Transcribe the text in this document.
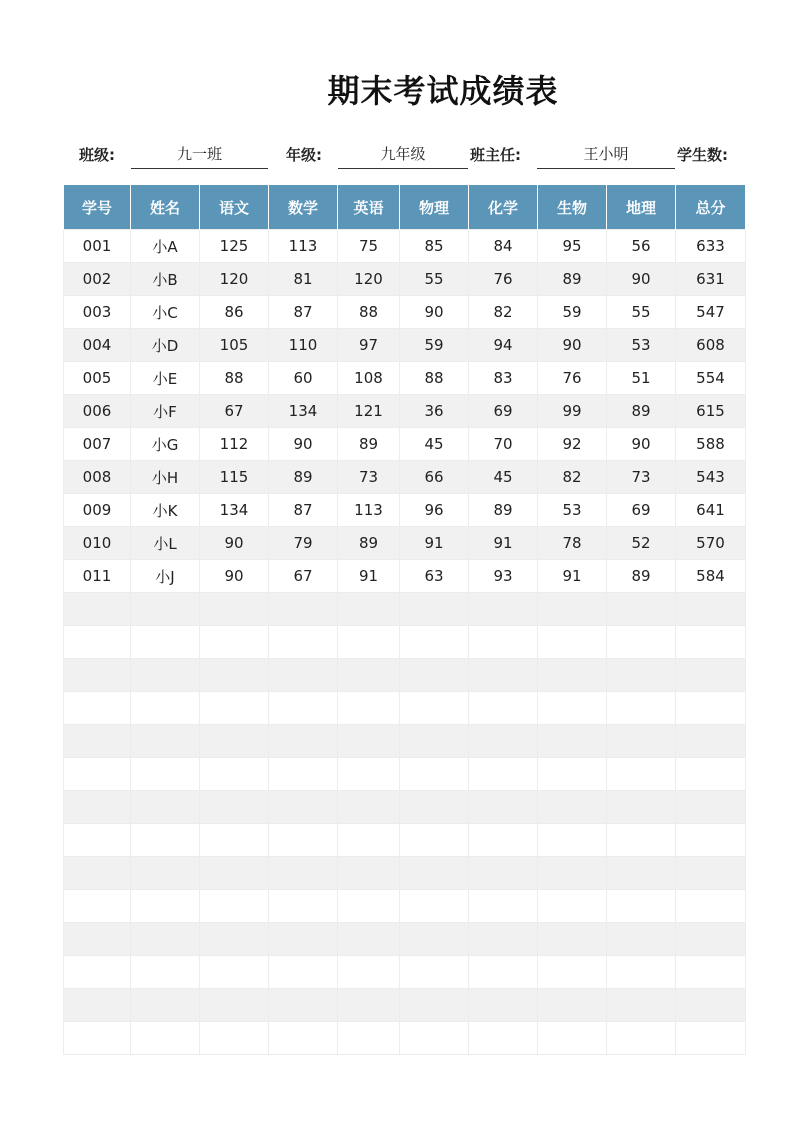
期末考试成绩表
班级:	九一班	年级:	九年级	班主任:	王小明	学生数:
学号	姓名	语文	数学	英语	物理	化学	生物	地理	总分
001	小A	125	113	75	85	84	95	56	633
002	小B	120	81	120	55	76	89	90	631
003	小C	86	87	88	90	82	59	55	547
004	小D	105	110	97	59	94	90	53	608
005	小E	88	60	108	88	83	76	51	554
006	小F	67	134	121	36	69	99	89	615
007	小G	112	90	89	45	70	92	90	588
008	小H	115	89	73	66	45	82	73	543
009	小K	134	87	113	96	89	53	69	641
010	小L	90	79	89	91	91	78	52	570
011	小J	90	67	91	63	93	91	89	584
